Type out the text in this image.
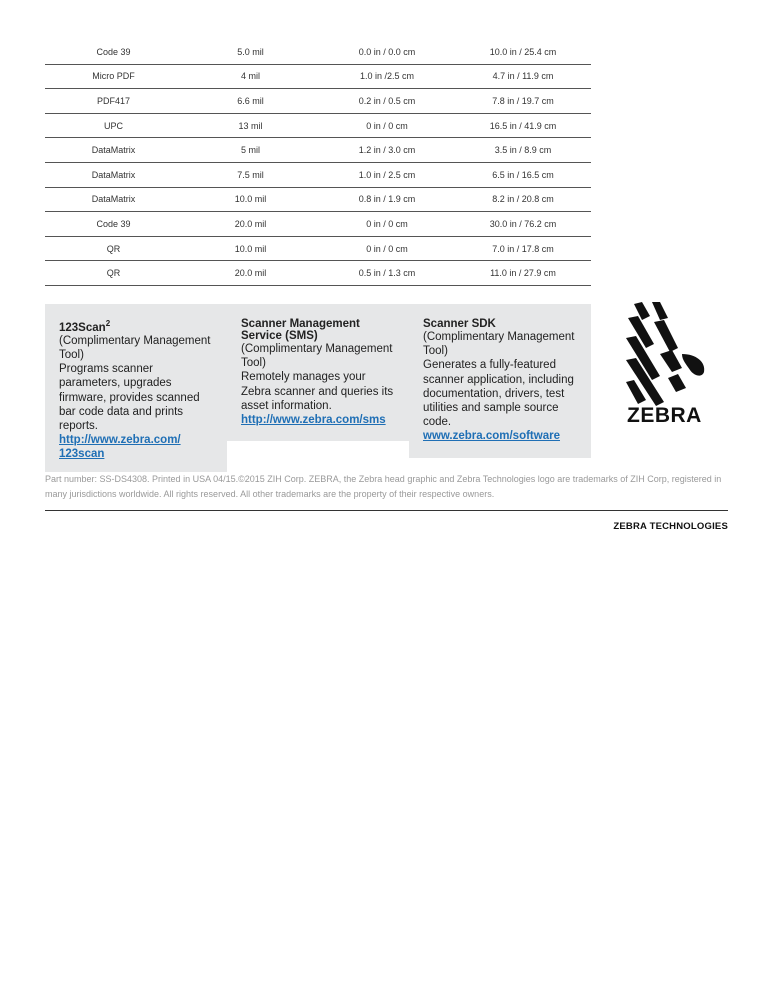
Code 39	5.0 mil	0.0 in / 0.0 cm	10.0 in / 25.4 cm
Micro PDF	4 mil	1.0 in /2.5 cm	4.7 in / 11.9 cm
PDF417	6.6 mil	0.2 in / 0.5 cm	7.8 in / 19.7 cm
UPC	13 mil	0 in / 0 cm	16.5 in / 41.9 cm
DataMatrix	5 mil	1.2 in / 3.0 cm	3.5 in / 8.9 cm
DataMatrix	7.5 mil	1.0 in / 2.5 cm	6.5 in / 16.5 cm
DataMatrix	10.0 mil	0.8 in / 1.9 cm	8.2 in / 20.8 cm
Code 39	20.0 mil	0 in / 0 cm	30.0 in / 76.2 cm
QR	10.0 mil	0 in / 0 cm	7.0 in / 17.8 cm
QR	20.0 mil	0.5 in / 1.3 cm	11.0 in / 27.9 cm
123Scan$^2$
(Complimentary Management Tool)
Programs scanner parameters, upgrades firmware, provides scanned bar code data and prints reports.
http://www.zebra.com/ 123scan
Scanner Management Service (SMS)
(Complimentary Management Tool)
Remotely manages your Zebra scanner and queries its asset information.
http://www.zebra.com/sms
Scanner SDK
(Complimentary Management Tool)
Generates a fully-featured scanner application, including documentation, drivers, test utilities and sample source code.
www.zebra.com/software
ZEBRA
Part number: SS-DS4308. Printed in USA 04/15.©2015 ZIH Corp. ZEBRA, the Zebra head graphic and Zebra Technologies logo are trademarks of ZIH Corp, registered in many jurisdictions worldwide. All rights reserved. All other trademarks are the property of their respective owners.
ZEBRA TECHNOLOGIES
